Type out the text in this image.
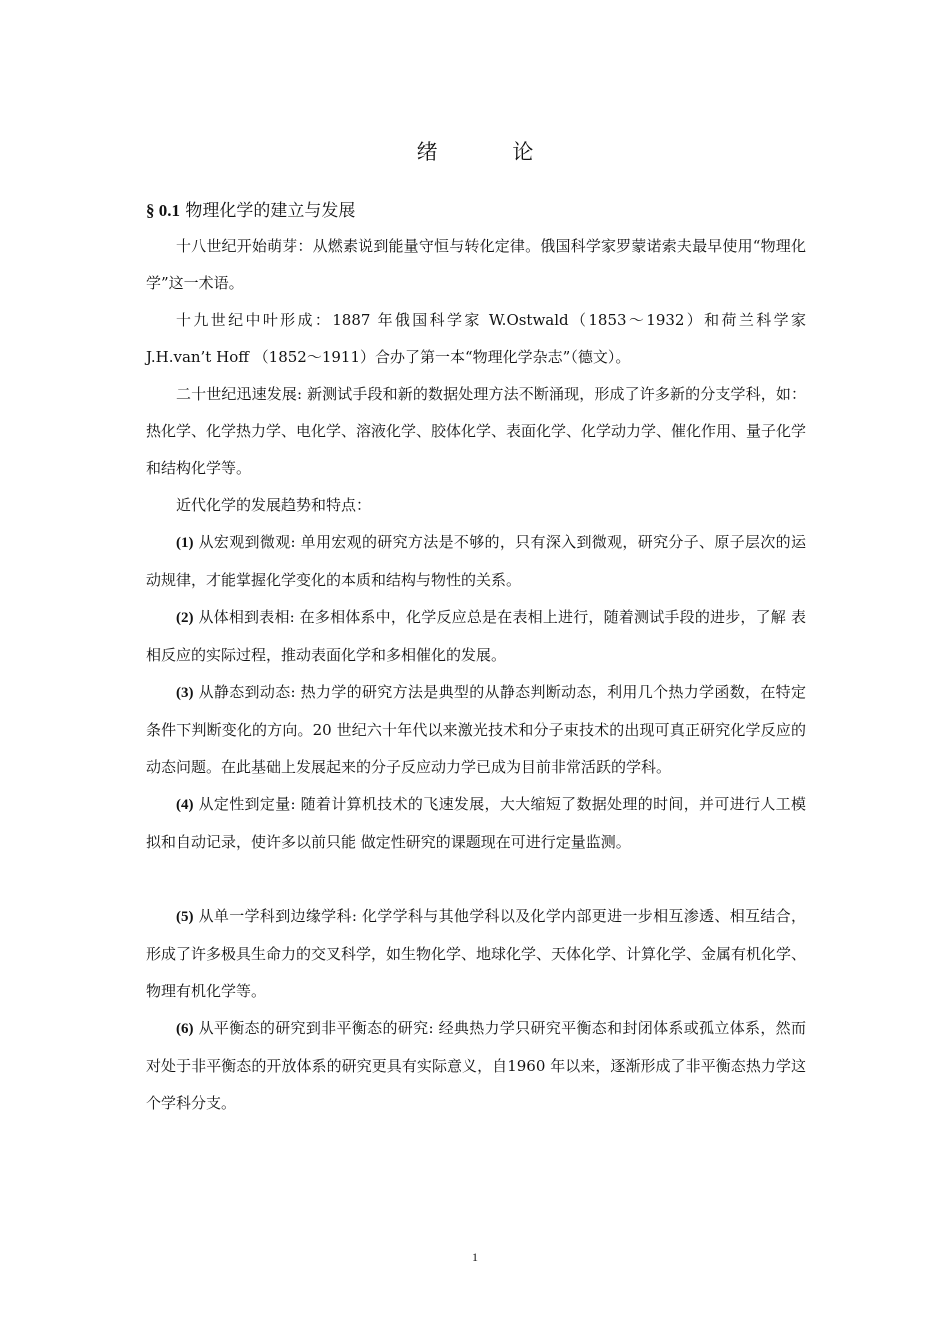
绪 论
§ 0.1 物理化学的建立与发展

十八世纪开始萌芽：从燃素说到能量守恒与转化定律。俄国科学家罗蒙诺索夫最早使用“物理化学”这一术语。

十九世纪中叶形成：1887 年俄国科学家 W.Ostwald（1853～1932）和荷兰科学家 J.H.van’t Hoff （1852～1911）合办了第一本“物理化学杂志”（德文）。

二十世纪迅速发展: 新测试手段和新的数据处理方法不断涌现，形成了许多新的分支学科，如：热化学、化学热力学、电化学、溶液化学、胶体化学、表面化学、化学动力学、催化作用、量子化学和结构化学等。

近代化学的发展趋势和特点：

(1) 从宏观到微观: 单用宏观的研究方法是不够的，只有深入到微观，研究分子、原子层次的运动规律，才能掌握化学变化的本质和结构与物性的关系。

(2) 从体相到表相: 在多相体系中，化学反应总是在表相上进行，随着测试手段的进步，了解 表相反应的实际过程，推动表面化学和多相催化的发展。

(3) 从静态到动态: 热力学的研究方法是典型的从静态判断动态，利用几个热力学函数，在特定条件下判断变化的方向。20 世纪六十年代以来激光技术和分子束技术的出现可真正研究化学反应的动态问题。在此基础上发展起来的分子反应动力学已成为目前非常活跃的学科。

(4) 从定性到定量: 随着计算机技术的飞速发展，大大缩短了数据处理的时间，并可进行人工模拟和自动记录，使许多以前只能 做定性研究的课题现在可进行定量监测。

(5) 从单一学科到边缘学科: 化学学科与其他学科以及化学内部更进一步相互渗透、相互结合，形成了许多极具生命力的交叉科学，如生物化学、地球化学、天体化学、计算化学、金属有机化学、物理有机化学等。

(6) 从平衡态的研究到非平衡态的研究: 经典热力学只研究平衡态和封闭体系或孤立体系，然而对处于非平衡态的开放体系的研究更具有实际意义，自1960 年以来，逐渐形成了非平衡态热力学这个学科分支。

1
